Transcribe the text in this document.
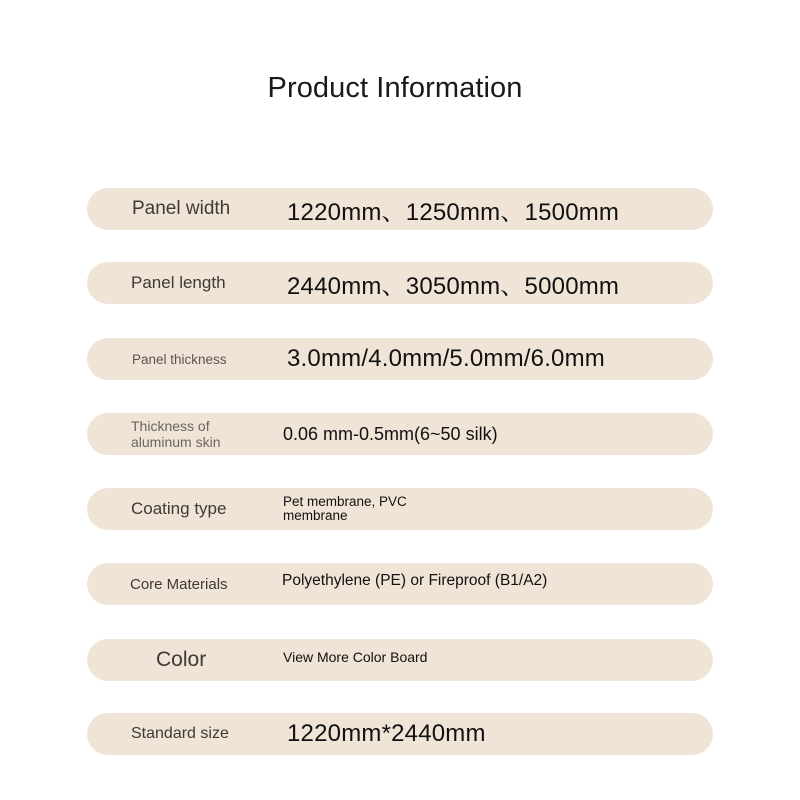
Product Information
Panel width 1220mm、1250mm、1500mm
Panel length	2440mm、3050mm、5000mm
Panel thickness	3.0mm/4.0mm/5.0mm/6.0mm
Thickness of aluminum skin	0.06 mm-0.5mm(6~50 silk)
Coating type	Pet membrane, PVC membrane
Core Materials	Polyethylene (PE) or Fireproof (B1/A2)
Color	View More Color Board
Standard size 1220mm*2440mm
